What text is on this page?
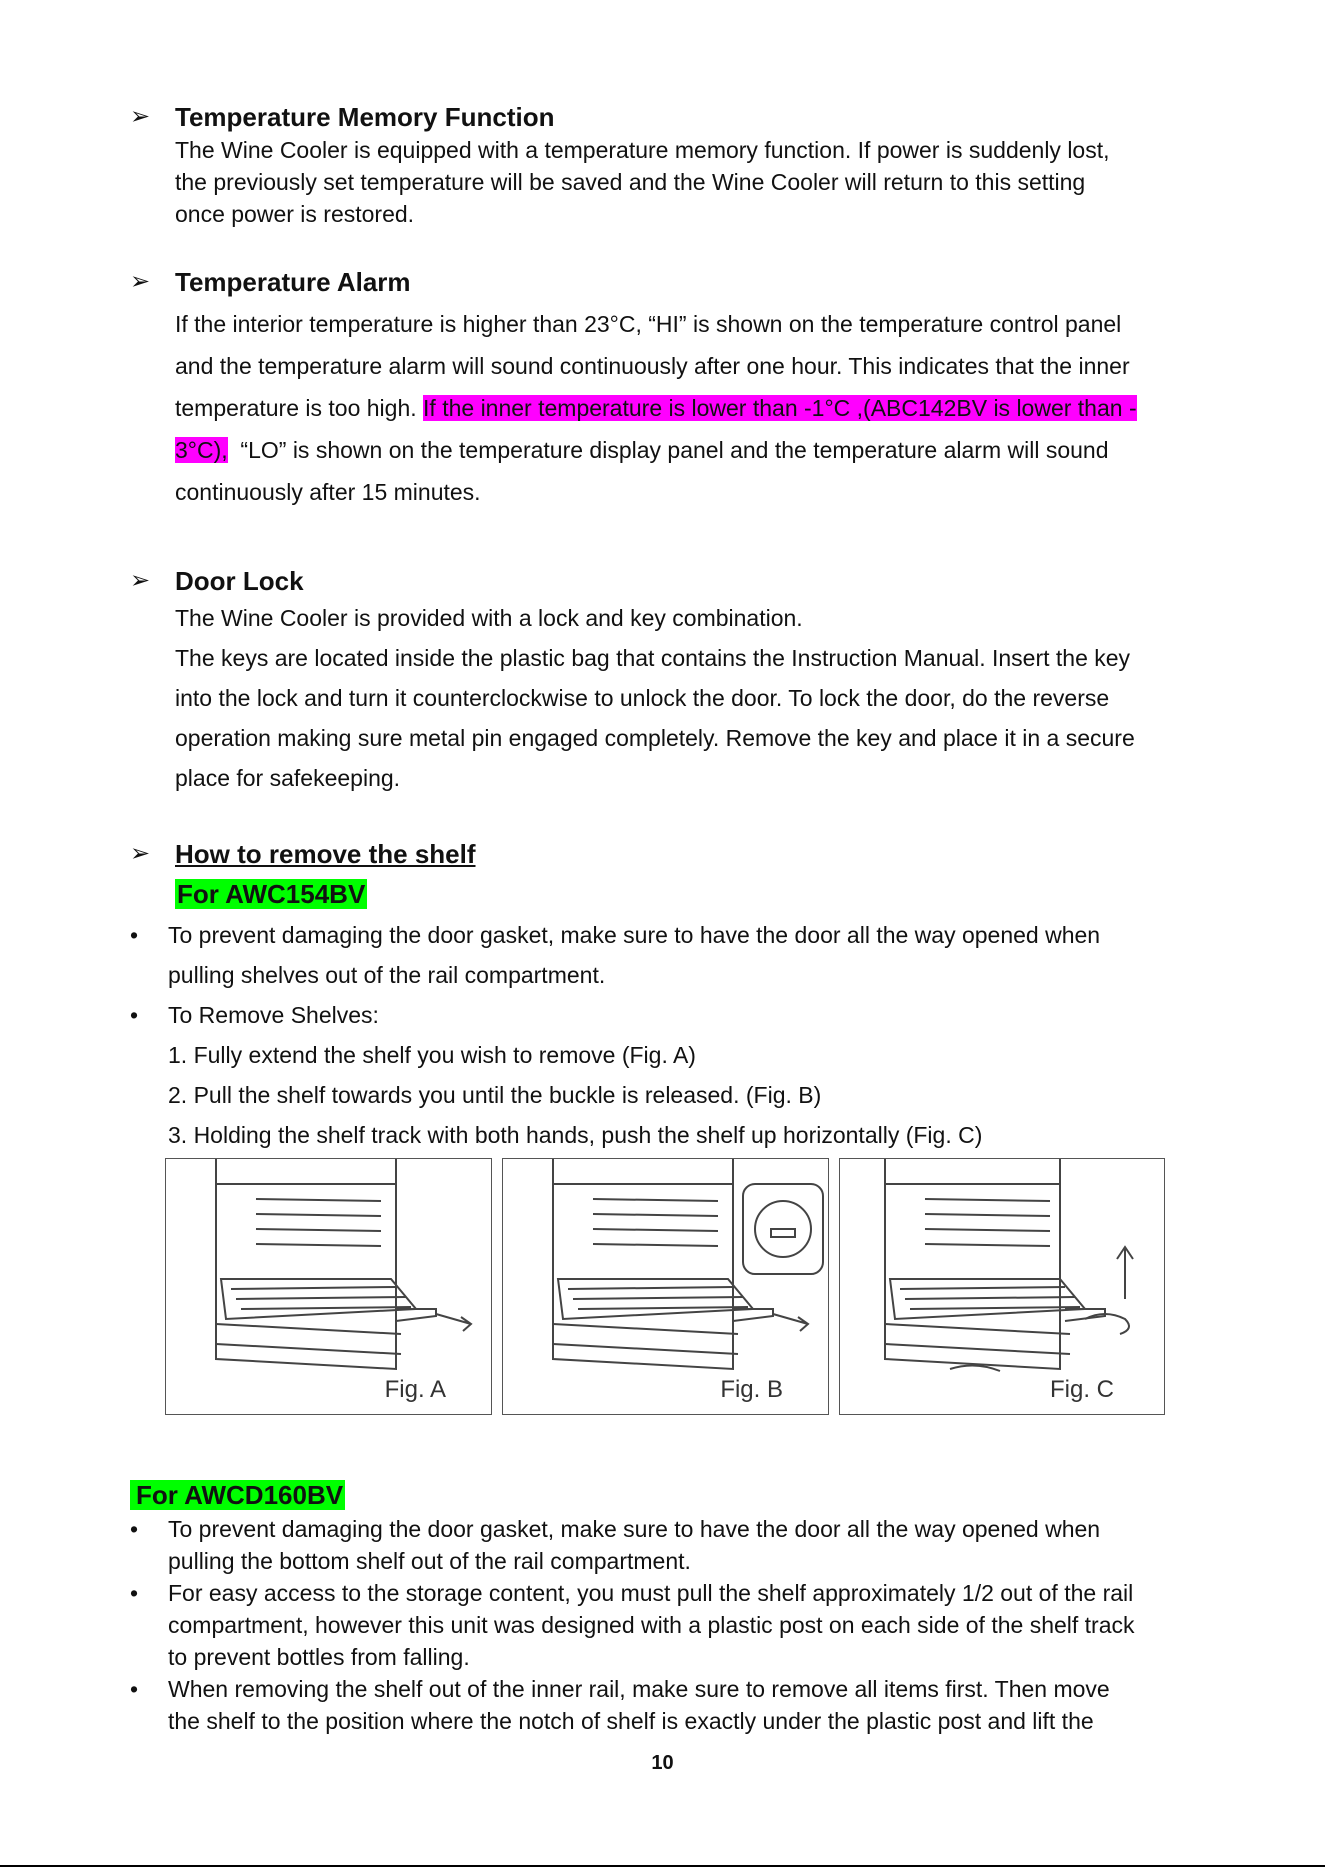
➢ Temperature Memory Function
The Wine Cooler is equipped with a temperature memory function. If power is suddenly lost,
the previously set temperature will be saved and the Wine Cooler will return to this setting
once power is restored.
➢ Temperature Alarm
If the interior temperature is higher than 23°C, “HI” is shown on the temperature control panel
and the temperature alarm will sound continuously after one hour. This indicates that the inner
temperature is too high. If the inner temperature is lower than -1°C ,(ABC142BV is lower than -
3°C),  “LO” is shown on the temperature display panel and the temperature alarm will sound
continuously after 15 minutes.
➢ Door Lock
The Wine Cooler is provided with a lock and key combination.
The keys are located inside the plastic bag that contains the Instruction Manual. Insert the key
into the lock and turn it counterclockwise to unlock the door. To lock the door, do the reverse
operation making sure metal pin engaged completely. Remove the key and place it in a secure
place for safekeeping.
➢ How to remove the shelf
For AWC154BV
• To prevent damaging the door gasket, make sure to have the door all the way opened when
pulling shelves out of the rail compartment.
• To Remove Shelves:
1. Fully extend the shelf you wish to remove (Fig. A)
2. Pull the shelf towards you until the buckle is released. (Fig. B)
3. Holding the shelf track with both hands, push the shelf up horizontally (Fig. C)
Fig. A	Fig. B	Fig. C
For AWCD160BV
• To prevent damaging the door gasket, make sure to have the door all the way opened when
pulling the bottom shelf out of the rail compartment.
• For easy access to the storage content, you must pull the shelf approximately 1/2 out of the rail
compartment, however this unit was designed with a plastic post on each side of the shelf track
to prevent bottles from falling.
• When removing the shelf out of the inner rail, make sure to remove all items first. Then move
the shelf to the position where the notch of shelf is exactly under the plastic post and lift the
10
